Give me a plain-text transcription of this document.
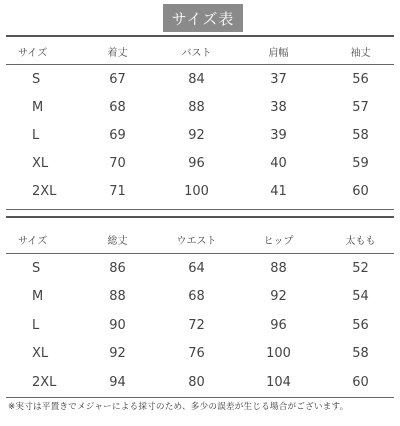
サイズ表
サイズ	着丈	バスト	肩幅	袖丈
S	67	84	37	56
M	68	88	38	57
L	69	92	39	58
XL	70	96	40	59
2XL	71	100	41	60
サイズ	総丈	ウエスト	ヒップ	太もも
S	86	64	88	52
M	88	68	92	54
L	90	72	96	56
XL	92	76	100	58
2XL	94	80	104	60
※実寸は平置きでメジャーによる採寸のため、多少の誤差が生じる場合がございます。
